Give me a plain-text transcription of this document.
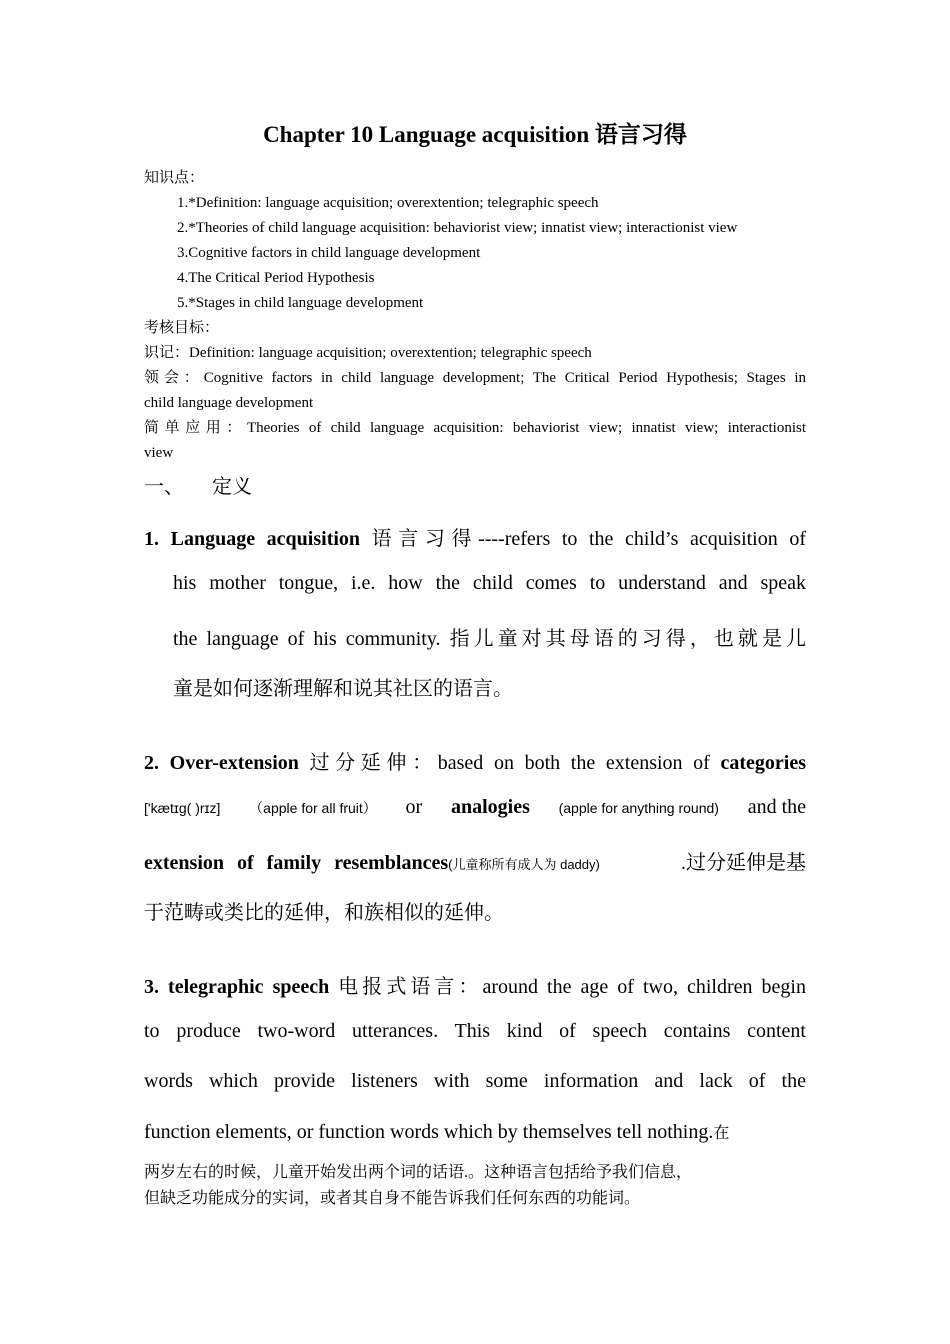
Chapter 10 Language acquisition 语言习得
知识点：
1.*Definition: language acquisition; overextention; telegraphic speech
2.*Theories of child language acquisition: behaviorist view; innatist view; interactionist view
3.Cognitive factors in child language development
4.The Critical Period Hypothesis
5.*Stages in child language development
考核目标：
识记：Definition: language acquisition; overextention; telegraphic speech
领会：Cognitive factors in child language development; The Critical Period Hypothesis; Stages in
child language development
简单应用：Theories of child language acquisition: behaviorist view; innatist view; interactionist
view
一、 定义
1. Language acquisition 语言习得----refers to the child’s acquisition of
his mother tongue, i.e. how the child comes to understand and speak
the language of his community. 指儿童对其母语的习得，也就是儿
童是如何逐渐理解和说其社区的语言。
2. Over-extension 过分延伸：based on both the extension of categories
['kætɪɡ( )rɪz] （apple for all fruit） or analogies (apple for anything round) and the
extension of family resemblances(儿童称所有成人为 daddy)	.过分延伸是基
于范畴或类比的延伸，和族相似的延伸。
3. telegraphic speech 电报式语言：around the age of two, children begin
to produce two-word utterances. This kind of speech contains content
words which provide listeners with some information and lack of the
function elements, or function words which by themselves tell nothing.在
两岁左右的时候，儿童开始发出两个词的话语.。这种语言包括给予我们信息，
但缺乏功能成分的实词，或者其自身不能告诉我们任何东西的功能词。
